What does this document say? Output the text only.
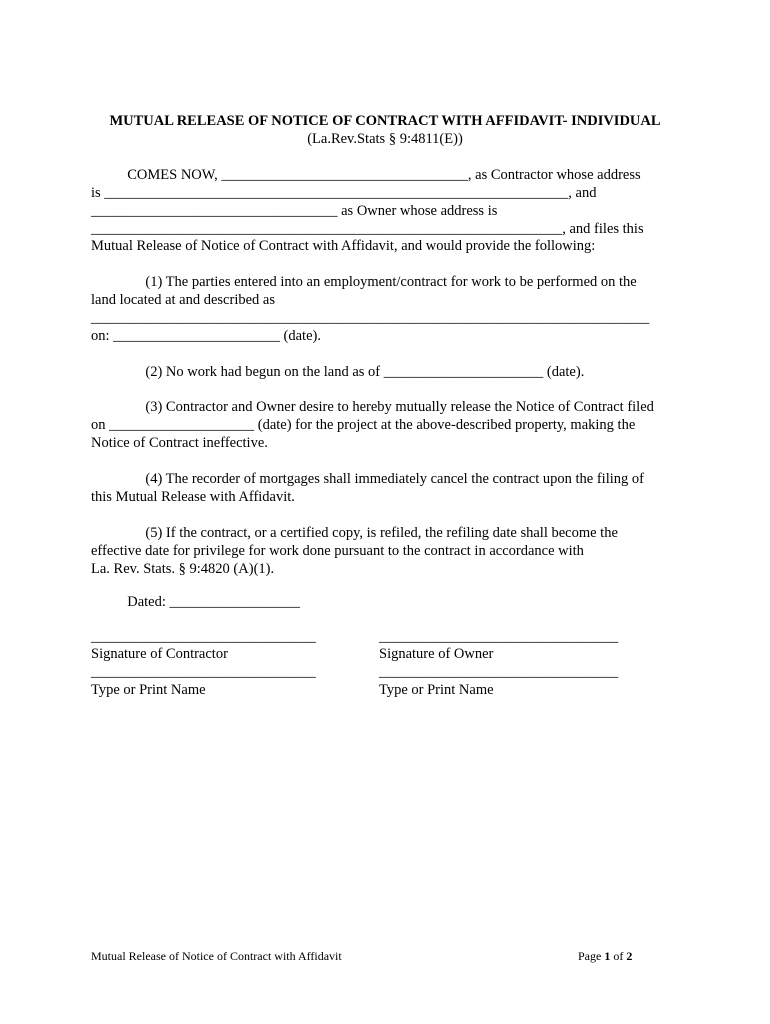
MUTUAL RELEASE OF NOTICE OF CONTRACT WITH AFFIDAVIT- INDIVIDUAL
(La.Rev.Stats § 9:4811(E))
COMES NOW, __________________________________, as Contractor whose address
is ________________________________________________________________, and
__________________________________ as Owner whose address is
_________________________________________________________________, and files this
Mutual Release of Notice of Contract with Affidavit, and would provide the following:
(1) The parties entered into an employment/contract for work to be performed on the
land located at and described as
_____________________________________________________________________________
on: _______________________ (date).
(2) No work had begun on the land as of ______________________ (date).
(3) Contractor and Owner desire to hereby mutually release the Notice of Contract filed
on ____________________ (date) for the project at the above-described property, making the
Notice of Contract ineffective.
(4) The recorder of mortgages shall immediately cancel the contract upon the filing of
this Mutual Release with Affidavit.
(5) If the contract, or a certified copy, is refiled, the refiling date shall become the
effective date for privilege for work done pursuant to the contract in accordance with
La. Rev. Stats. § 9:4820 (A)(1).
Dated: __________________
_______________________________	_________________________________
Signature of Contractor	Signature of Owner
_______________________________	_________________________________
Type or Print Name	Type or Print Name
Mutual Release of Notice of Contract with Affidavit	Page 1 of 2
